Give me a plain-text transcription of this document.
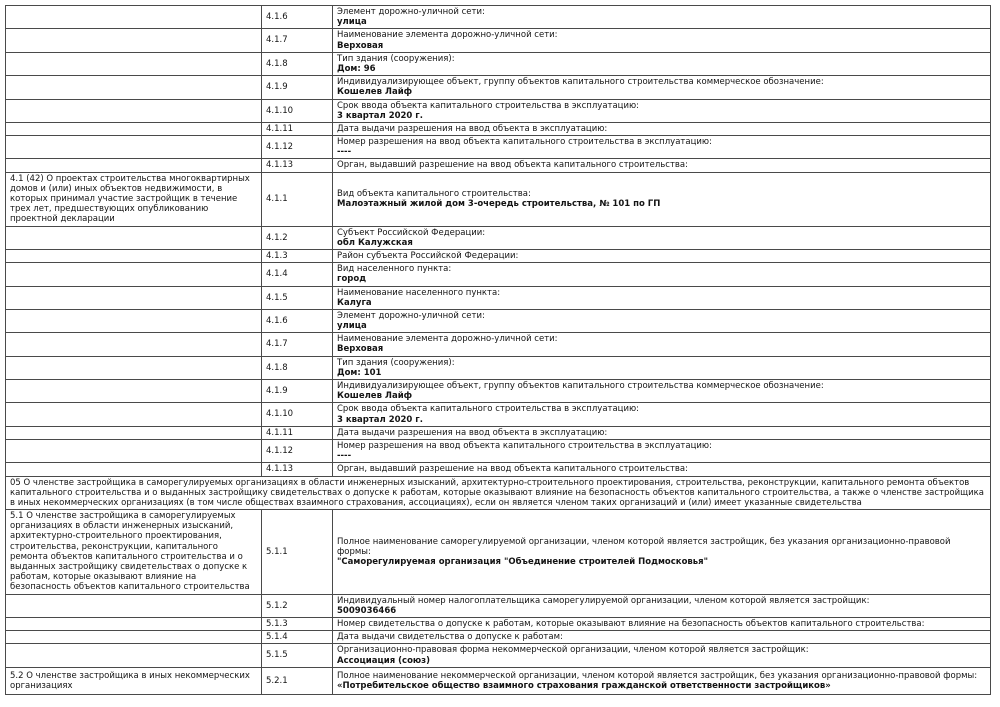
	4.1.6	Элемент дорожно-уличной сети:
улица

	4.1.7	Наименование элемента дорожно-уличной сети:
Верховая

	4.1.8	Тип здания (сооружения):
Дом: 96

	4.1.9	Индивидуализирующее объект, группу объектов капитального строительства коммерческое обозначение:
Кошелев Лайф

	4.1.10	Срок ввода объекта капитального строительства в эксплуатацию:
3 квартал 2020 г.

	4.1.11	Дата выдачи разрешения на ввод объекта в эксплуатацию:

	4.1.12	Номер разрешения на ввод объекта капитального строительства в эксплуатацию:
----

	4.1.13	Орган, выдавший разрешение на ввод объекта капитального строительства:

4.1 (42) О проектах строительства многоквартирных домов и (или) иных объектов недвижимости, в которых принимал участие застройщик в течение трех лет, предшествующих опубликованию проектной декларации	4.1.1	Вид объекта капитального строительства:
Малоэтажный жилой дом 3-очередь строительства, № 101 по ГП

	4.1.2	Субъект Российской Федерации:
обл Калужская

	4.1.3	Район субъекта Российской Федерации:

	4.1.4	Вид населенного пункта:
город

	4.1.5	Наименование населенного пункта:
Калуга

	4.1.6	Элемент дорожно-уличной сети:
улица

	4.1.7	Наименование элемента дорожно-уличной сети:
Верховая

	4.1.8	Тип здания (сооружения):
Дом: 101

	4.1.9	Индивидуализирующее объект, группу объектов капитального строительства коммерческое обозначение:
Кошелев Лайф

	4.1.10	Срок ввода объекта капитального строительства в эксплуатацию:
3 квартал 2020 г.

	4.1.11	Дата выдачи разрешения на ввод объекта в эксплуатацию:

	4.1.12	Номер разрешения на ввод объекта капитального строительства в эксплуатацию:
----

	4.1.13	Орган, выдавший разрешение на ввод объекта капитального строительства:

05 О членстве застройщика в саморегулируемых организациях в области инженерных изысканий, архитектурно-строительного проектирования, строительства, реконструкции, капитального ремонта объектов капитального строительства и о выданных застройщику свидетельствах о допуске к работам, которые оказывают влияние на безопасность объектов капитального строительства, а также о членстве застройщика в иных некоммерческих организациях (в том числе обществах взаимного страхования, ассоциациях), если он является членом таких организаций и (или) имеет указанные свидетельства		
5.1 О членстве застройщика в саморегулируемых организациях в области инженерных изысканий, архитектурно-строительного проектирования, строительства, реконструкции, капитального ремонта объектов капитального строительства и о выданных застройщику свидетельствах о допуске к работам, которые оказывают влияние на безопасность объектов капитального строительства	5.1.1	Полное наименование саморегулируемой организации, членом которой является застройщик, без указания организационно-правовой формы:
"Саморегулируемая организация "Объединение строителей Подмосковья"

	5.1.2	Индивидуальный номер налогоплательщика саморегулируемой организации, членом которой является застройщик:
5009036466

	5.1.3	Номер свидетельства о допуске к работам, которые оказывают влияние на безопасность объектов капитального строительства:

	5.1.4	Дата выдачи свидетельства о допуске к работам:

	5.1.5	Организационно-правовая форма некоммерческой организации, членом которой является застройщик:
Ассоциация (союз)

5.2 О членстве застройщика в иных некоммерческих организациях	5.2.1	Полное наименование некоммерческой организации, членом которой является застройщик, без указания организационно-правовой формы:
«Потребительское общество взаимного страхования гражданской ответственности застройщиков»
